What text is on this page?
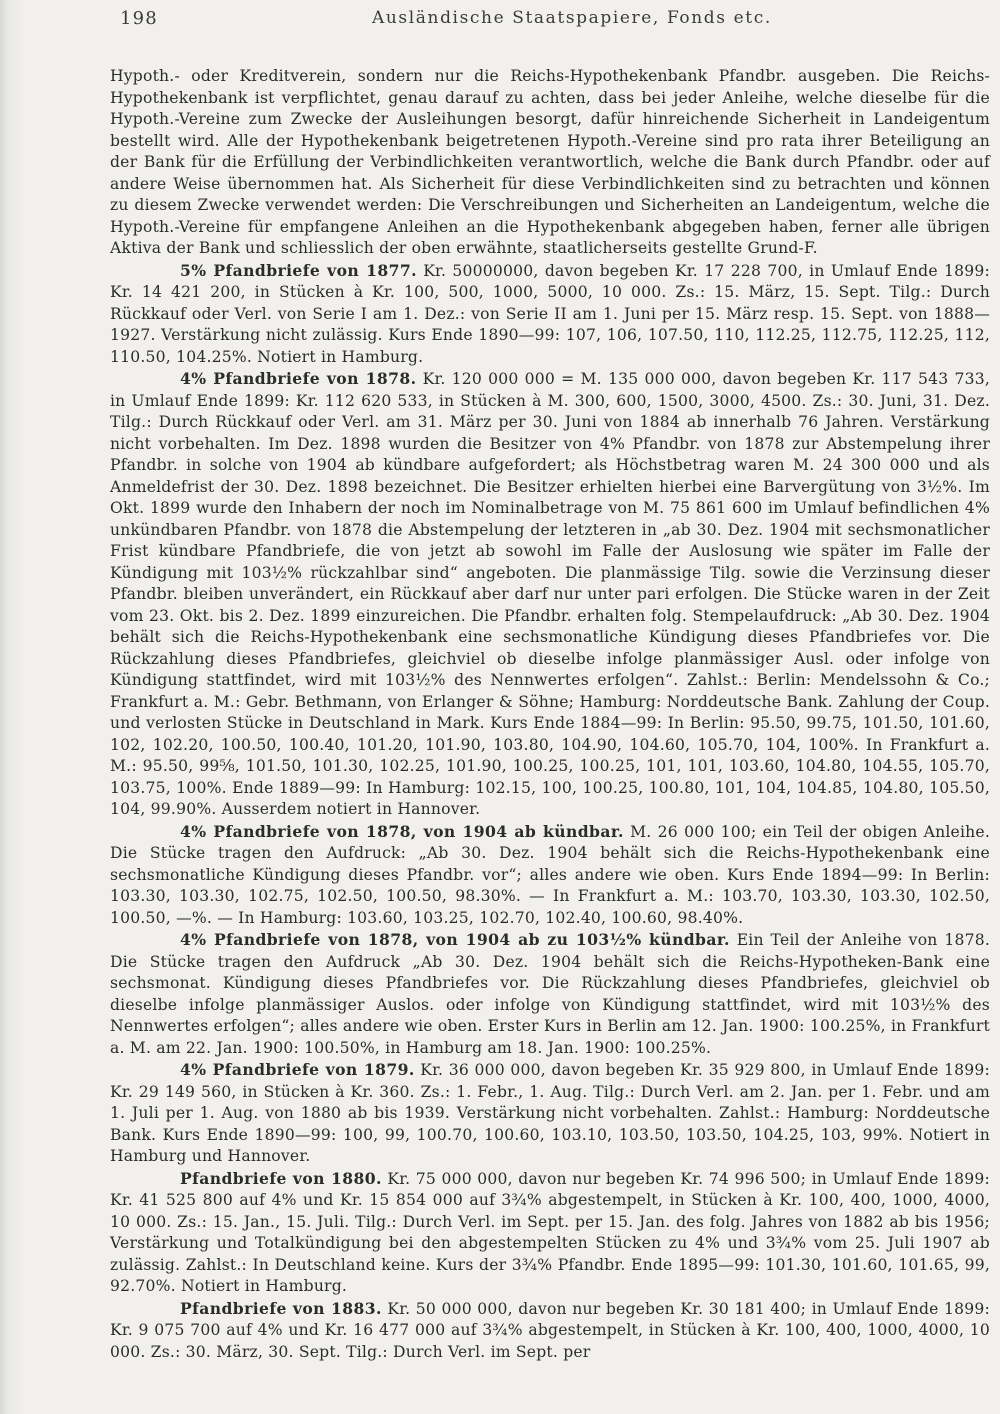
198	Ausländische Staatspapiere, Fonds etc.

Hypoth.- oder Kreditverein, sondern nur die Reichs-Hypothekenbank Pfandbr. ausgeben. Die Reichs-Hypothekenbank ist verpflichtet, genau darauf zu achten, dass bei jeder Anleihe, welche dieselbe für die Hypoth.-Vereine zum Zwecke der Ausleihungen besorgt, dafür hinreichende Sicherheit in Landeigentum bestellt wird. Alle der Hypothekenbank beigetretenen Hypoth.-Vereine sind pro rata ihrer Beteiligung an der Bank für die Erfüllung der Verbindlichkeiten verantwortlich, welche die Bank durch Pfandbr. oder auf andere Weise übernommen hat. Als Sicherheit für diese Verbindlichkeiten sind zu betrachten und können zu diesem Zwecke verwendet werden: Die Verschreibungen und Sicherheiten an Landeigentum, welche die Hypoth.-Vereine für empfangene Anleihen an die Hypothekenbank abgegeben haben, ferner alle übrigen Aktiva der Bank und schliesslich der oben erwähnte, staatlicherseits gestellte Grund-F.

5% Pfandbriefe von 1877. Kr. 50000000, davon begeben Kr. 17 228 700, in Umlauf Ende 1899: Kr. 14 421 200, in Stücken à Kr. 100, 500, 1000, 5000, 10 000. Zs.: 15. März, 15. Sept. Tilg.: Durch Rückkauf oder Verl. von Serie I am 1. Dez.: von Serie II am 1. Juni per 15. März resp. 15. Sept. von 1888—1927. Verstärkung nicht zulässig. Kurs Ende 1890—99: 107, 106, 107.50, 110, 112.25, 112.75, 112.25, 112, 110.50, 104.25%. Notiert in Hamburg.

4% Pfandbriefe von 1878. Kr. 120 000 000 = M. 135 000 000, davon begeben Kr. 117 543 733, in Umlauf Ende 1899: Kr. 112 620 533, in Stücken à M. 300, 600, 1500, 3000, 4500. Zs.: 30. Juni, 31. Dez. Tilg.: Durch Rückkauf oder Verl. am 31. März per 30. Juni von 1884 ab innerhalb 76 Jahren. Verstärkung nicht vorbehalten. Im Dez. 1898 wurden die Besitzer von 4% Pfandbr. von 1878 zur Abstempelung ihrer Pfandbr. in solche von 1904 ab kündbare aufgefordert; als Höchstbetrag waren M. 24 300 000 und als Anmeldefrist der 30. Dez. 1898 bezeichnet. Die Besitzer erhielten hierbei eine Barvergütung von 3½%. Im Okt. 1899 wurde den Inhabern der noch im Nominalbetrage von M. 75 861 600 im Umlauf befindlichen 4% unkündbaren Pfandbr. von 1878 die Abstempelung der letzteren in „ab 30. Dez. 1904 mit sechsmonatlicher Frist kündbare Pfandbriefe, die von jetzt ab sowohl im Falle der Auslosung wie später im Falle der Kündigung mit 103½% rückzahlbar sind“ angeboten. Die planmässige Tilg. sowie die Verzinsung dieser Pfandbr. bleiben unverändert, ein Rückkauf aber darf nur unter pari erfolgen. Die Stücke waren in der Zeit vom 23. Okt. bis 2. Dez. 1899 einzureichen. Die Pfandbr. erhalten folg. Stempelaufdruck: „Ab 30. Dez. 1904 behält sich die Reichs-Hypothekenbank eine sechsmonatliche Kündigung dieses Pfandbriefes vor. Die Rückzahlung dieses Pfandbriefes, gleichviel ob dieselbe infolge planmässiger Ausl. oder infolge von Kündigung stattfindet, wird mit 103½% des Nennwertes erfolgen“. Zahlst.: Berlin: Mendelssohn & Co.; Frankfurt a. M.: Gebr. Bethmann, von Erlanger & Söhne; Hamburg: Norddeutsche Bank. Zahlung der Coup. und verlosten Stücke in Deutschland in Mark. Kurs Ende 1884—99: In Berlin: 95.50, 99.75, 101.50, 101.60, 102, 102.20, 100.50, 100.40, 101.20, 101.90, 103.80, 104.90, 104.60, 105.70, 104, 100%. In Frankfurt a. M.: 95.50, 99⅝, 101.50, 101.30, 102.25, 101.90, 100.25, 100.25, 101, 101, 103.60, 104.80, 104.55, 105.70, 103.75, 100%. Ende 1889—99: In Hamburg: 102.15, 100, 100.25, 100.80, 101, 104, 104.85, 104.80, 105.50, 104, 99.90%. Ausserdem notiert in Hannover.

4% Pfandbriefe von 1878, von 1904 ab kündbar. M. 26 000 100; ein Teil der obigen Anleihe. Die Stücke tragen den Aufdruck: „Ab 30. Dez. 1904 behält sich die Reichs-Hypothekenbank eine sechsmonatliche Kündigung dieses Pfandbr. vor“; alles andere wie oben. Kurs Ende 1894—99: In Berlin: 103.30, 103.30, 102.75, 102.50, 100.50, 98.30%. — In Frankfurt a. M.: 103.70, 103.30, 103.30, 102.50, 100.50, —%. — In Hamburg: 103.60, 103.25, 102.70, 102.40, 100.60, 98.40%.

4% Pfandbriefe von 1878, von 1904 ab zu 103½% kündbar. Ein Teil der Anleihe von 1878. Die Stücke tragen den Aufdruck „Ab 30. Dez. 1904 behält sich die Reichs-Hypotheken-Bank eine sechsmonat. Kündigung dieses Pfandbriefes vor. Die Rückzahlung dieses Pfandbriefes, gleichviel ob dieselbe infolge planmässiger Auslos. oder infolge von Kündigung stattfindet, wird mit 103½% des Nennwertes erfolgen“; alles andere wie oben. Erster Kurs in Berlin am 12. Jan. 1900: 100.25%, in Frankfurt a. M. am 22. Jan. 1900: 100.50%, in Hamburg am 18. Jan. 1900: 100.25%.

4% Pfandbriefe von 1879. Kr. 36 000 000, davon begeben Kr. 35 929 800, in Umlauf Ende 1899: Kr. 29 149 560, in Stücken à Kr. 360. Zs.: 1. Febr., 1. Aug. Tilg.: Durch Verl. am 2. Jan. per 1. Febr. und am 1. Juli per 1. Aug. von 1880 ab bis 1939. Verstärkung nicht vorbehalten. Zahlst.: Hamburg: Norddeutsche Bank. Kurs Ende 1890—99: 100, 99, 100.70, 100.60, 103.10, 103.50, 103.50, 104.25, 103, 99%. Notiert in Hamburg und Hannover.

Pfandbriefe von 1880. Kr. 75 000 000, davon nur begeben Kr. 74 996 500; in Umlauf Ende 1899: Kr. 41 525 800 auf 4% und Kr. 15 854 000 auf 3¾% abgestempelt, in Stücken à Kr. 100, 400, 1000, 4000, 10 000. Zs.: 15. Jan., 15. Juli. Tilg.: Durch Verl. im Sept. per 15. Jan. des folg. Jahres von 1882 ab bis 1956; Verstärkung und Totalkündigung bei den abgestempelten Stücken zu 4% und 3¾% vom 25. Juli 1907 ab zulässig. Zahlst.: In Deutschland keine. Kurs der 3¾% Pfandbr. Ende 1895—99: 101.30, 101.60, 101.65, 99, 92.70%. Notiert in Hamburg.

Pfandbriefe von 1883. Kr. 50 000 000, davon nur begeben Kr. 30 181 400; in Umlauf Ende 1899: Kr. 9 075 700 auf 4% und Kr. 16 477 000 auf 3¾% abgestempelt, in Stücken à Kr. 100, 400, 1000, 4000, 10 000. Zs.: 30. März, 30. Sept. Tilg.: Durch Verl. im Sept. per
